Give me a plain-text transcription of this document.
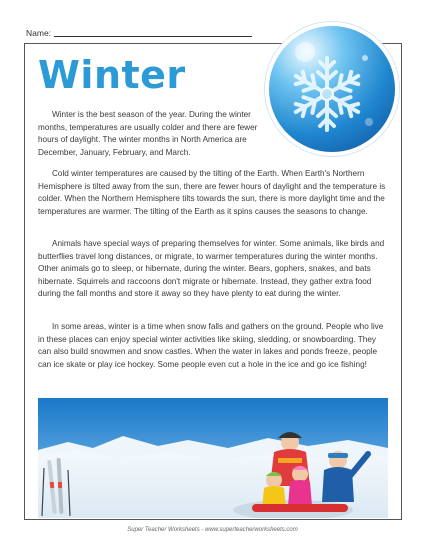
Name:
Winter

Winter is the best season of the year. During the winter months, temperatures are usually colder and there are fewer hours of daylight. The winter months in North America are December, January, February, and March.

Cold winter temperatures are caused by the tilting of the Earth. When Earth's Northern Hemisphere is tilted away from the sun, there are fewer hours of daylight and the temperature is colder. When the Northern Hemisphere tilts towards the sun, there is more daylight time and the temperatures are warmer. The tilting of the Earth as it spins causes the seasons to change.

Animals have special ways of preparing themselves for winter. Some animals, like birds and butterflies travel long distances, or migrate, to warmer temperatures during the winter months. Other animals go to sleep, or hibernate, during the winter. Bears, gophers, snakes, and bats hibernate. Squirrels and raccoons don't migrate or hibernate. Instead, they gather extra food during the fall months and store it away so they have plenty to eat during the winter.

In some areas, winter is a time when snow falls and gathers on the ground. People who live in these places can enjoy special winter activities like skiing, sledding, or snowboarding. They can also build snowmen and snow castles. When the water in lakes and ponds freeze, people can ice skate or play ice hockey. Some people even cut a hole in the ice and go ice fishing!

Super Teacher Worksheets - www.superteacherworksheets.com
